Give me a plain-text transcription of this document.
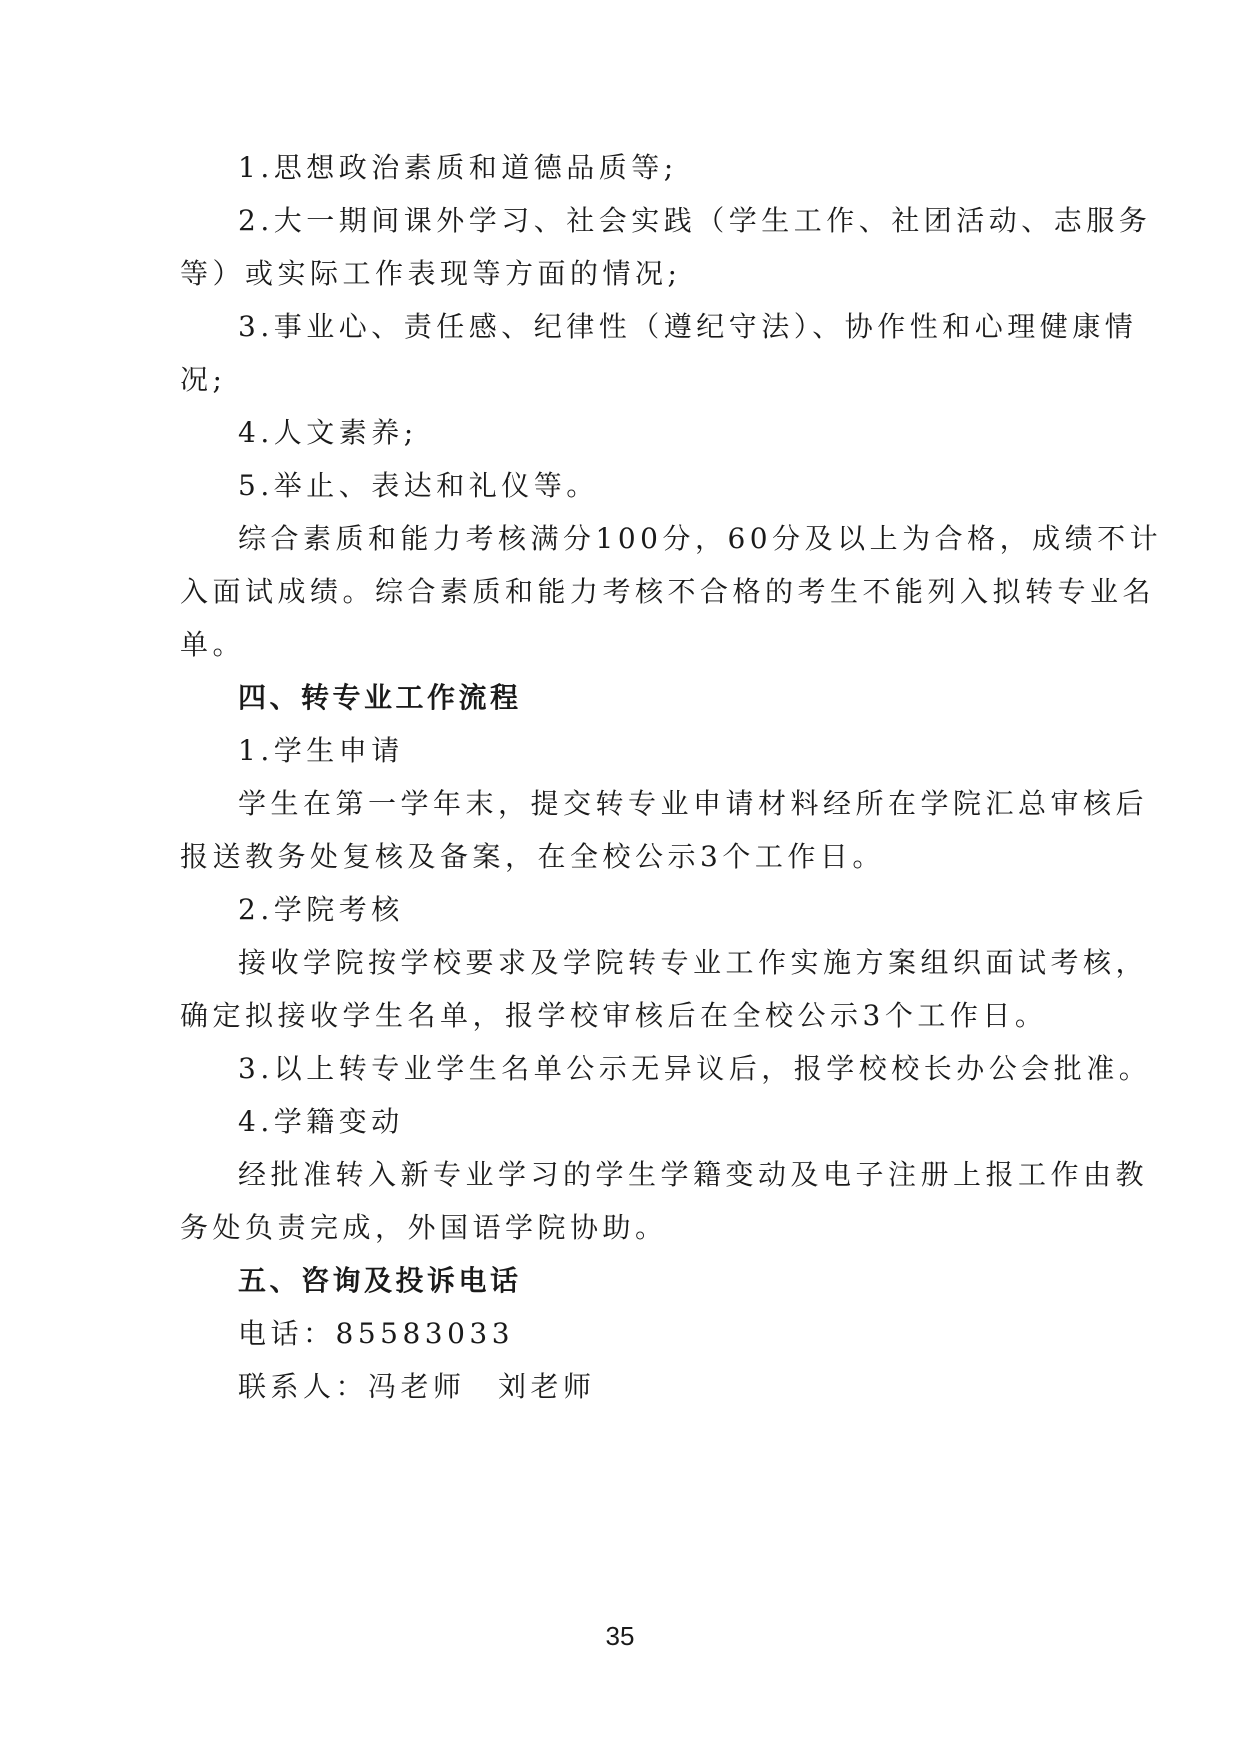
1.思想政治素质和道德品质等;
2.大一期间课外学习、社会实践（学生工作、社团活动、志服务
等）或实际工作表现等方面的情况;
3.事业心、责任感、纪律性（遵纪守法）、协作性和心理健康情
况;
4.人文素养;
5.举止、表达和礼仪等。
综合素质和能力考核满分100分，60分及以上为合格，成绩不计
入面试成绩。综合素质和能力考核不合格的考生不能列入拟转专业名
单。
四、转专业工作流程
1.学生申请
学生在第一学年末，提交转专业申请材料经所在学院汇总审核后
报送教务处复核及备案，在全校公示3个工作日。
2.学院考核
接收学院按学校要求及学院转专业工作实施方案组织面试考核，
确定拟接收学生名单，报学校审核后在全校公示3个工作日。
3.以上转专业学生名单公示无异议后，报学校校长办公会批准。
4.学籍变动
经批准转入新专业学习的学生学籍变动及电子注册上报工作由教
务处负责完成，外国语学院协助。
五、咨询及投诉电话
电话：85583033
联系人：冯老师　刘老师
35
